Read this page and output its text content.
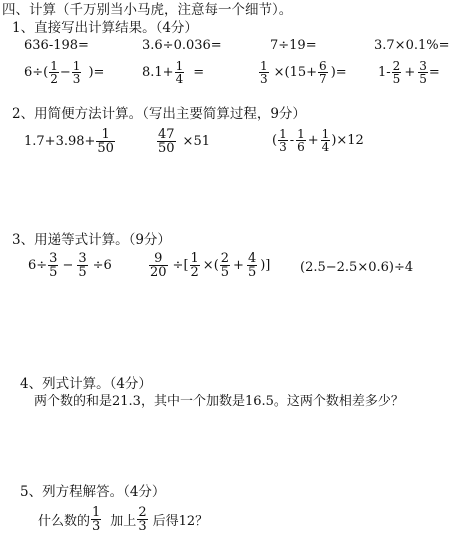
四、计算（千万别当小马虎，注意每一个细节）。
1、直接写出计算结果。（4分）
636-198=	3.6÷0.036=	7÷19=	3.7×0.1%=
$6\div( \frac{1}{2} - \frac{1}{3}$ )=	$8.1+ \frac{1}{4}$ =	$\frac{1}{3} \times(15+ \frac{6}{7}$ )= $1- \frac{2}{5} + \frac{3}{5}$ =
2、用简便方法计算。（写出主要简算过程，9分）
$1.7+3.98+ \frac{1}{50}$	$\frac{47}{50} \times 51$	( $\frac{1}{3} - \frac{1}{6} + \frac{1}{4} )\times 12$
3、用递等式计算。（9分）
$6\div \frac{3}{5} - \frac{3}{5} \div 6$	$\frac{9}{20}$ ÷[ $\frac{1}{2}$ ×( $\frac{2}{5} + \frac{4}{5}$ )] (2.5−2.5×0.6)÷4
4、列式计算。（4分）
两个数的和是21.3，其中一个加数是16.5。这两个数相差多少？
5、列方程解答。（4分）
什么数的 $\frac{1}{3}$ 加上 $\frac{2}{3}$ 后得12？
